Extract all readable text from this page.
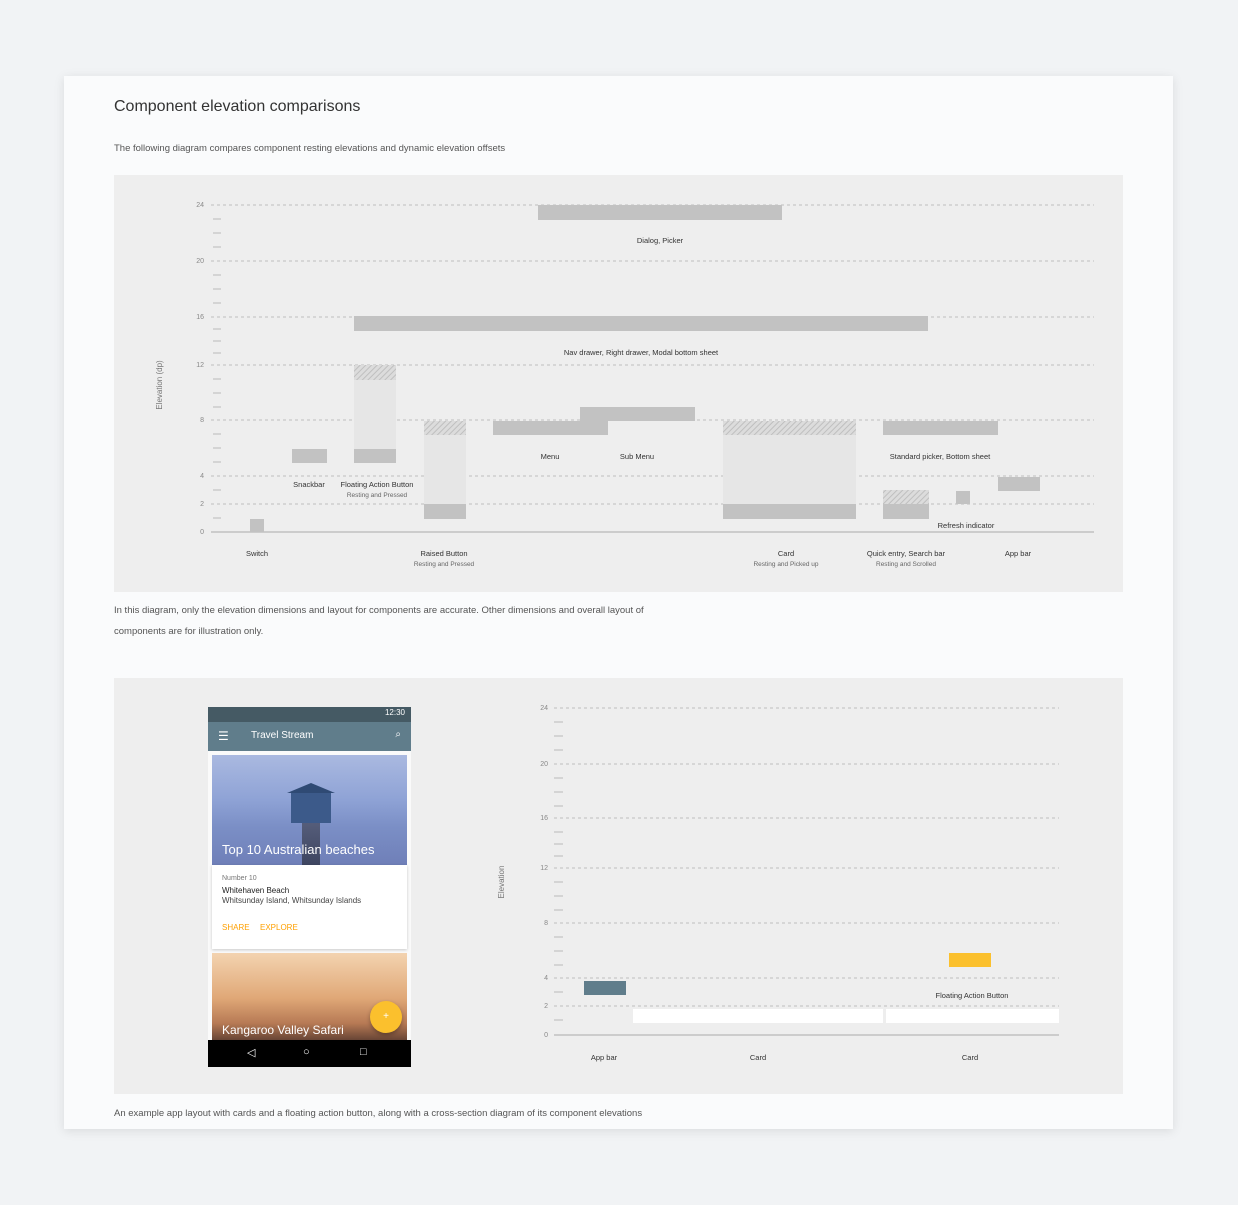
Component elevation comparisons
The following diagram compares component resting elevations and dynamic elevation offsets
24
20
16
12
8
4
2
0
Elevation (dp)
Dialog, Picker
Nav drawer, Right drawer, Modal bottom sheet
Menu	Sub Menu
Snackbar Floating Action Button
Resting and Pressed
Standard picker, Bottom sheet
Refresh indicator
Switch	Raised Button
Resting and Pressed
Card
Resting and Picked up
Quick entry, Search bar
Resting and Scrolled
App bar
In this diagram, only the elevation dimensions and layout for components are accurate. Other dimensions and overall layout of
components are for illustration only.
12:30
☰ Travel Stream	⌕
Top 10 Australian beaches
Number 10
Whitehaven Beach
Whitsunday Island, Whitsunday Islands
SHARE EXPLORE
Kangaroo Valley Safari
+
◁	○	□
24
20
16
12
8
4
2
0
Elevation
Floating Action Button
App bar	Card	Card
An example app layout with cards and a floating action button, along with a cross-section diagram of its component elevations
